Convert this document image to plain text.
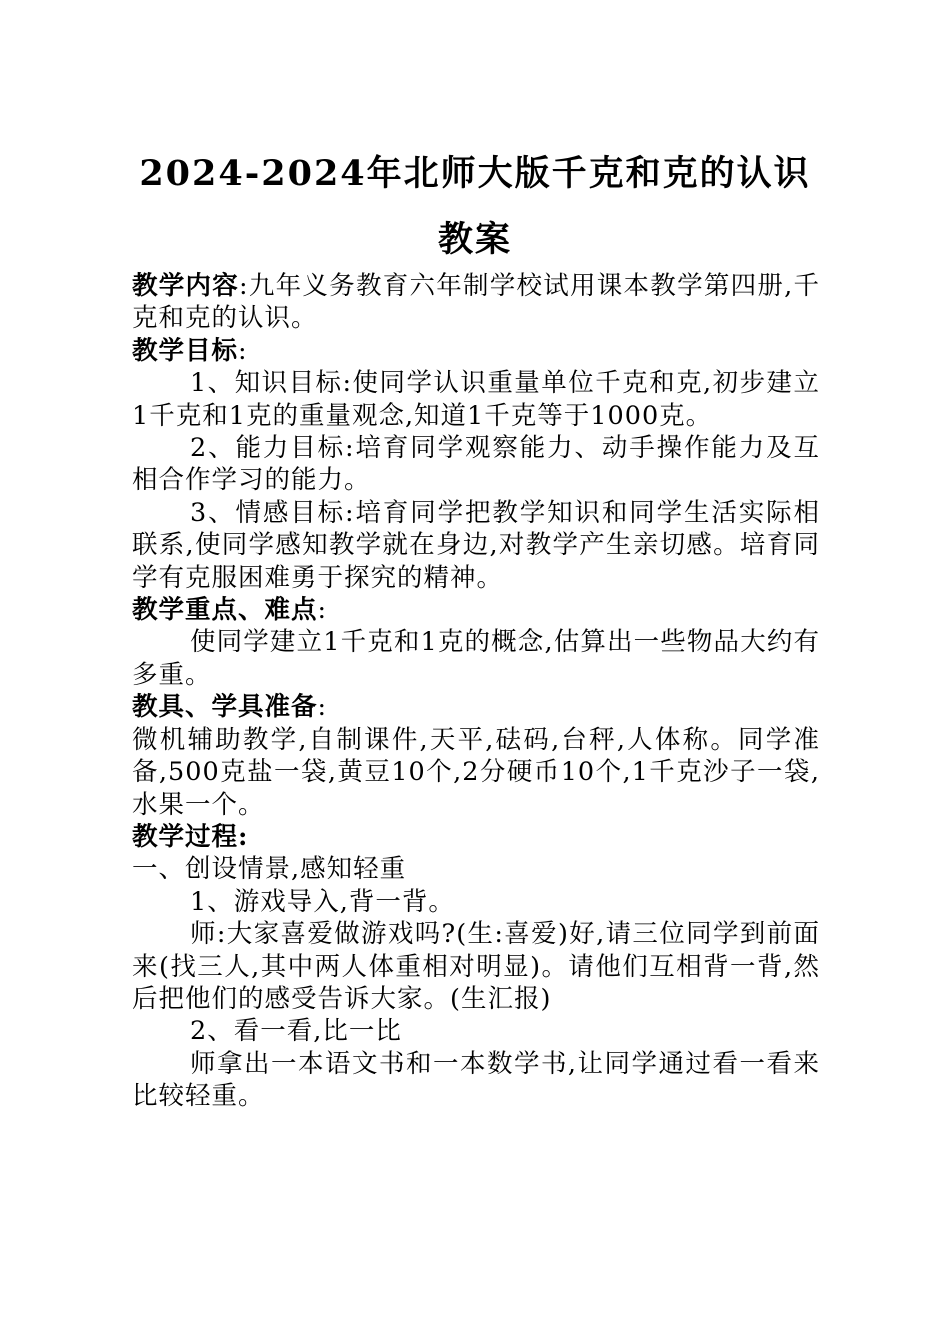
2024-2024年北师大版千克和克的认识
教案

教学内容:九年义务教育六年制学校试用课本教学第四册,千克和克的认识。

教学目标:

1、知识目标:使同学认识重量单位千克和克,初步建立1千克和1克的重量观念,知道1千克等于1000克。

2、能力目标:培育同学观察能力、动手操作能力及互相合作学习的能力。

3、情感目标:培育同学把教学知识和同学生活实际相联系,使同学感知教学就在身边,对教学产生亲切感。培育同学有克服困难勇于探究的精神。

教学重点、难点:

使同学建立1千克和1克的概念,估算出一些物品大约有多重。

教具、学具准备:

微机辅助教学,自制课件,天平,砝码,台秤,人体称。同学准备,500克盐一袋,黄豆10个,2分硬币10个,1千克沙子一袋,水果一个。

教学过程:

一、创设情景,感知轻重

1、游戏导入,背一背。

师:大家喜爱做游戏吗?(生:喜爱)好,请三位同学到前面来(找三人,其中两人体重相对明显)。请他们互相背一背,然后把他们的感受告诉大家。(生汇报)

2、看一看,比一比

师拿出一本语文书和一本数学书,让同学通过看一看来比较轻重。
